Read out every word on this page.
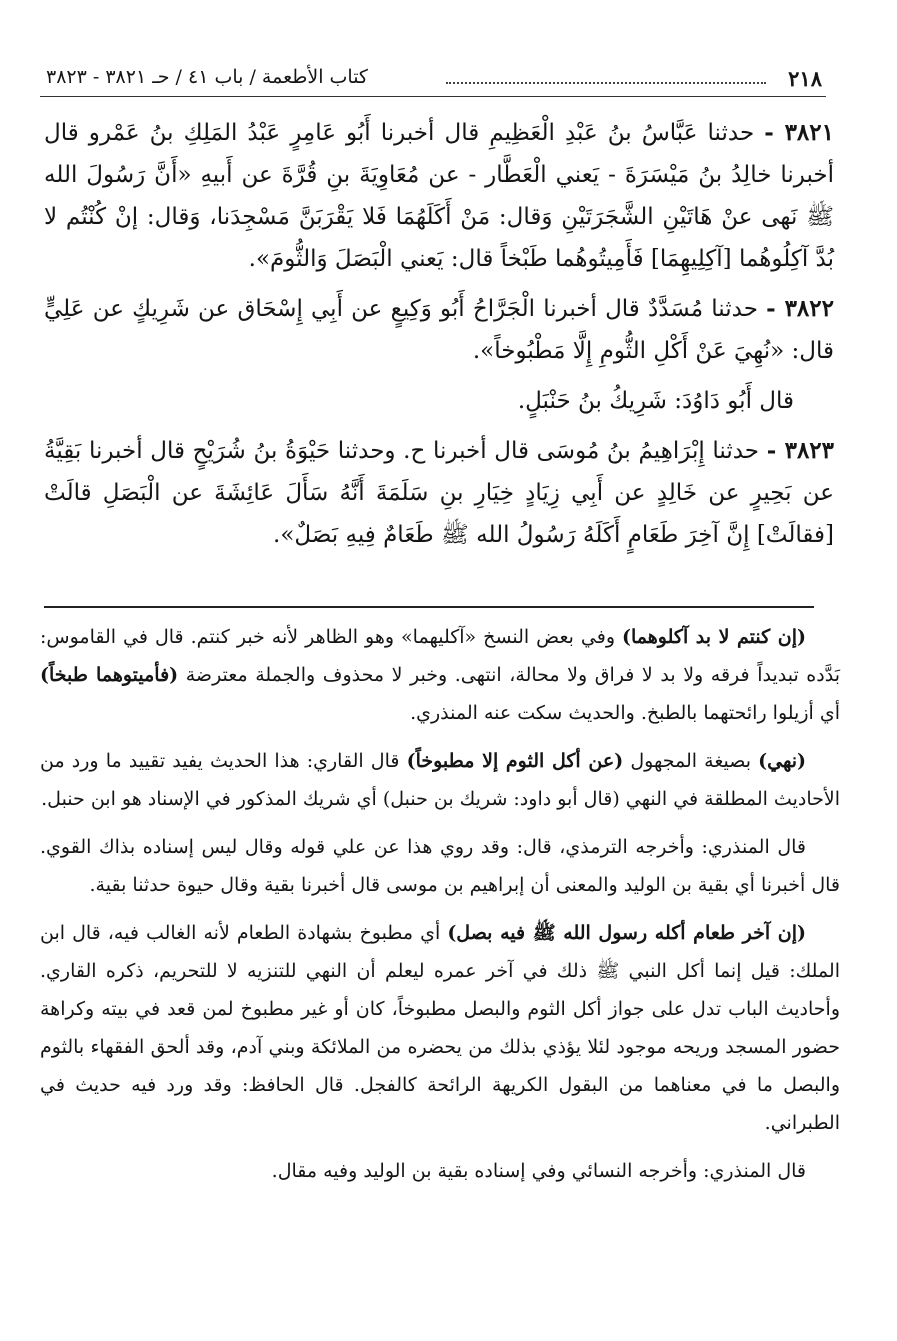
٢١٨
كتاب الأطعمة / باب ٤١ / حـ ٣٨٢١ - ٣٨٢٣

٣٨٢١ - حدثنا عَبَّاسُ بنُ عَبْدِ الْعَظِيمِ قال أخبرنا أَبُو عَامِرٍ عَبْدُ المَلِكِ بنُ عَمْرو قال أخبرنا خالِدُ بنُ مَيْسَرَةَ - يَعني الْعَطَّار - عن مُعَاوِيَةَ بنِ قُرَّةَ عن أَبيهِ «أَنَّ رَسُولَ الله ﷺ نَهى عنْ هَاتَيْنِ الشَّجَرَتَيْنِ وَقال: مَنْ أَكَلَهُمَا فَلا يَقْرَبَنَّ مَسْجِدَنا، وَقال: إنْ كُنْتُم لا بُدَّ آكِلُوهُما [آكِلِيهِمَا] فَأَمِيتُوهُما طَبْخاً قال: يَعني الْبَصَلَ وَالثُّومَ».

٣٨٢٢ - حدثنا مُسَدَّدٌ قال أخبرنا الْجَرَّاحُ أَبُو وَكِيعٍ عن أَبِي إِسْحَاق عن شَرِيكٍ عن عَلِيٍّ قال: «نُهِيَ عَنْ أَكْلِ الثُّومِ إِلَّا مَطْبُوخاً».

قال أَبُو دَاوُدَ: شَرِيكُ بنُ حَنْبَلٍ.

٣٨٢٣ - حدثنا إِبْرَاهِيمُ بنُ مُوسَى قال أخبرنا ح. وحدثنا حَيْوَةُ بنُ شُرَيْحٍ قال أخبرنا بَقِيَّةُ عن بَحِيرٍ عن خَالِدٍ عن أَبِي زِيَادٍ خِيَارِ بنِ سَلَمَةَ أَنَّهُ سَأَلَ عَائِشَةَ عن الْبَصَلِ قالَتْ [فقالَتْ] إِنَّ آخِرَ طَعَامٍ أَكَلَهُ رَسُولُ الله ﷺ طَعَامٌ فِيهِ بَصَلٌ».

(إن كنتم لا بد آكلوهما) وفي بعض النسخ «آكليهما» وهو الظاهر لأنه خبر كنتم. قال في القاموس: بَدَّده تبديداً فرقه ولا بد لا فراق ولا محالة، انتهى. وخبر لا محذوف والجملة معترضة (فأميتوهما طبخاً) أي أزيلوا رائحتهما بالطبخ. والحديث سكت عنه المنذري.

(نهي) بصيغة المجهول (عن أكل الثوم إلا مطبوخاً) قال القاري: هذا الحديث يفيد تقييد ما ورد من الأحاديث المطلقة في النهي (قال أبو داود: شريك بن حنبل) أي شريك المذكور في الإسناد هو ابن حنبل.

قال المنذري: وأخرجه الترمذي، قال: وقد روي هذا عن علي قوله وقال ليس إسناده بذاك القوي. قال أخبرنا أي بقية بن الوليد والمعنى أن إبراهيم بن موسى قال أخبرنا بقية وقال حيوة حدثنا بقية.

(إن آخر طعام أكله رسول الله ﷺ فيه بصل) أي مطبوخ بشهادة الطعام لأنه الغالب فيه، قال ابن الملك: قيل إنما أكل النبي ﷺ ذلك في آخر عمره ليعلم أن النهي للتنزيه لا للتحريم، ذكره القاري. وأحاديث الباب تدل على جواز أكل الثوم والبصل مطبوخاً، كان أو غير مطبوخ لمن قعد في بيته وكراهة حضور المسجد وريحه موجود لئلا يؤذي بذلك من يحضره من الملائكة وبني آدم، وقد ألحق الفقهاء بالثوم والبصل ما في معناهما من البقول الكريهة الرائحة كالفجل. قال الحافظ: وقد ورد فيه حديث في الطبراني.

قال المنذري: وأخرجه النسائي وفي إسناده بقية بن الوليد وفيه مقال.
